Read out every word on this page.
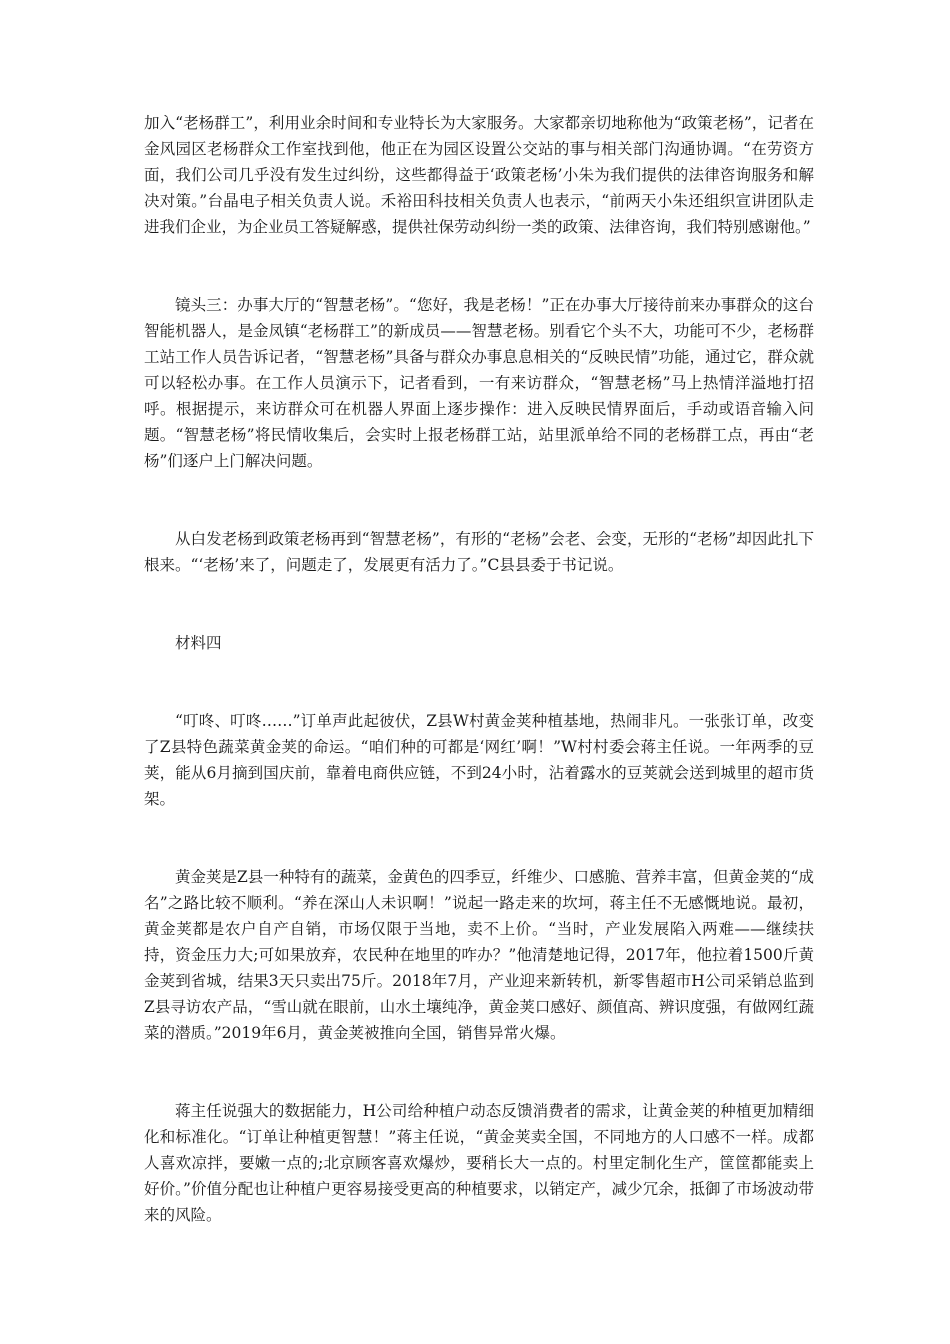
加入“老杨群工”，利用业余时间和专业特长为大家服务。大家都亲切地称他为“政策老杨”，记者在金风园区老杨群众工作室找到他，他正在为园区设置公交站的事与相关部门沟通协调。“在劳资方面，我们公司几乎没有发生过纠纷，这些都得益于‘政策老杨’小朱为我们提供的法律咨询服务和解决对策。”台晶电子相关负责人说。禾裕田科技相关负责人也表示，“前两天小朱还组织宣讲团队走进我们企业，为企业员工答疑解惑，提供社保劳动纠纷一类的政策、法律咨询，我们特别感谢他。”

镜头三：办事大厅的“智慧老杨”。“您好，我是老杨！”正在办事大厅接待前来办事群众的这台智能机器人，是金凤镇“老杨群工”的新成员——智慧老杨。别看它个头不大，功能可不少，老杨群工站工作人员告诉记者，“智慧老杨”具备与群众办事息息相关的“反映民情”功能，通过它，群众就可以轻松办事。在工作人员演示下，记者看到，一有来访群众，“智慧老杨”马上热情洋溢地打招呼。根据提示，来访群众可在机器人界面上逐步操作：进入反映民情界面后，手动或语音输入问题。“智慧老杨”将民情收集后，会实时上报老杨群工站，站里派单给不同的老杨群工点，再由“老杨”们逐户上门解决问题。

从白发老杨到政策老杨再到“智慧老杨”，有形的“老杨”会老、会变，无形的“老杨”却因此扎下根来。“‘老杨’来了，问题走了，发展更有活力了。”C县县委于书记说。

材料四

“叮咚、叮咚……”订单声此起彼伏，Z县W村黄金荚种植基地，热闹非凡。一张张订单，改变了Z县特色蔬菜黄金荚的命运。“咱们种的可都是‘网红’啊！”W村村委会蒋主任说。一年两季的豆荚，能从6月摘到国庆前，靠着电商供应链，不到24小时，沾着露水的豆荚就会送到城里的超市货架。

黄金荚是Z县一种特有的蔬菜，金黄色的四季豆，纤维少、口感脆、营养丰富，但黄金荚的“成名”之路比较不顺利。“养在深山人未识啊！”说起一路走来的坎坷，蒋主任不无感慨地说。最初，黄金荚都是农户自产自销，市场仅限于当地，卖不上价。“当时，产业发展陷入两难——继续扶持，资金压力大;可如果放弃，农民种在地里的咋办？”他清楚地记得，2017年，他拉着1500斤黄金荚到省城，结果3天只卖出75斤。2018年7月，产业迎来新转机，新零售超市H公司采销总监到Z县寻访农产品，“雪山就在眼前，山水土壤纯净，黄金荚口感好、颜值高、辨识度强，有做网红蔬菜的潜质。”2019年6月，黄金荚被推向全国，销售异常火爆。

蒋主任说强大的数据能力，H公司给种植户动态反馈消费者的需求，让黄金荚的种植更加精细化和标准化。“订单让种植更智慧！”蒋主任说，“黄金荚卖全国，不同地方的人口感不一样。成都人喜欢凉拌，要嫩一点的;北京顾客喜欢爆炒，要稍长大一点的。村里定制化生产，筐筐都能卖上好价。”价值分配也让种植户更容易接受更高的种植要求，以销定产，减少冗余，抵御了市场波动带来的风险。
